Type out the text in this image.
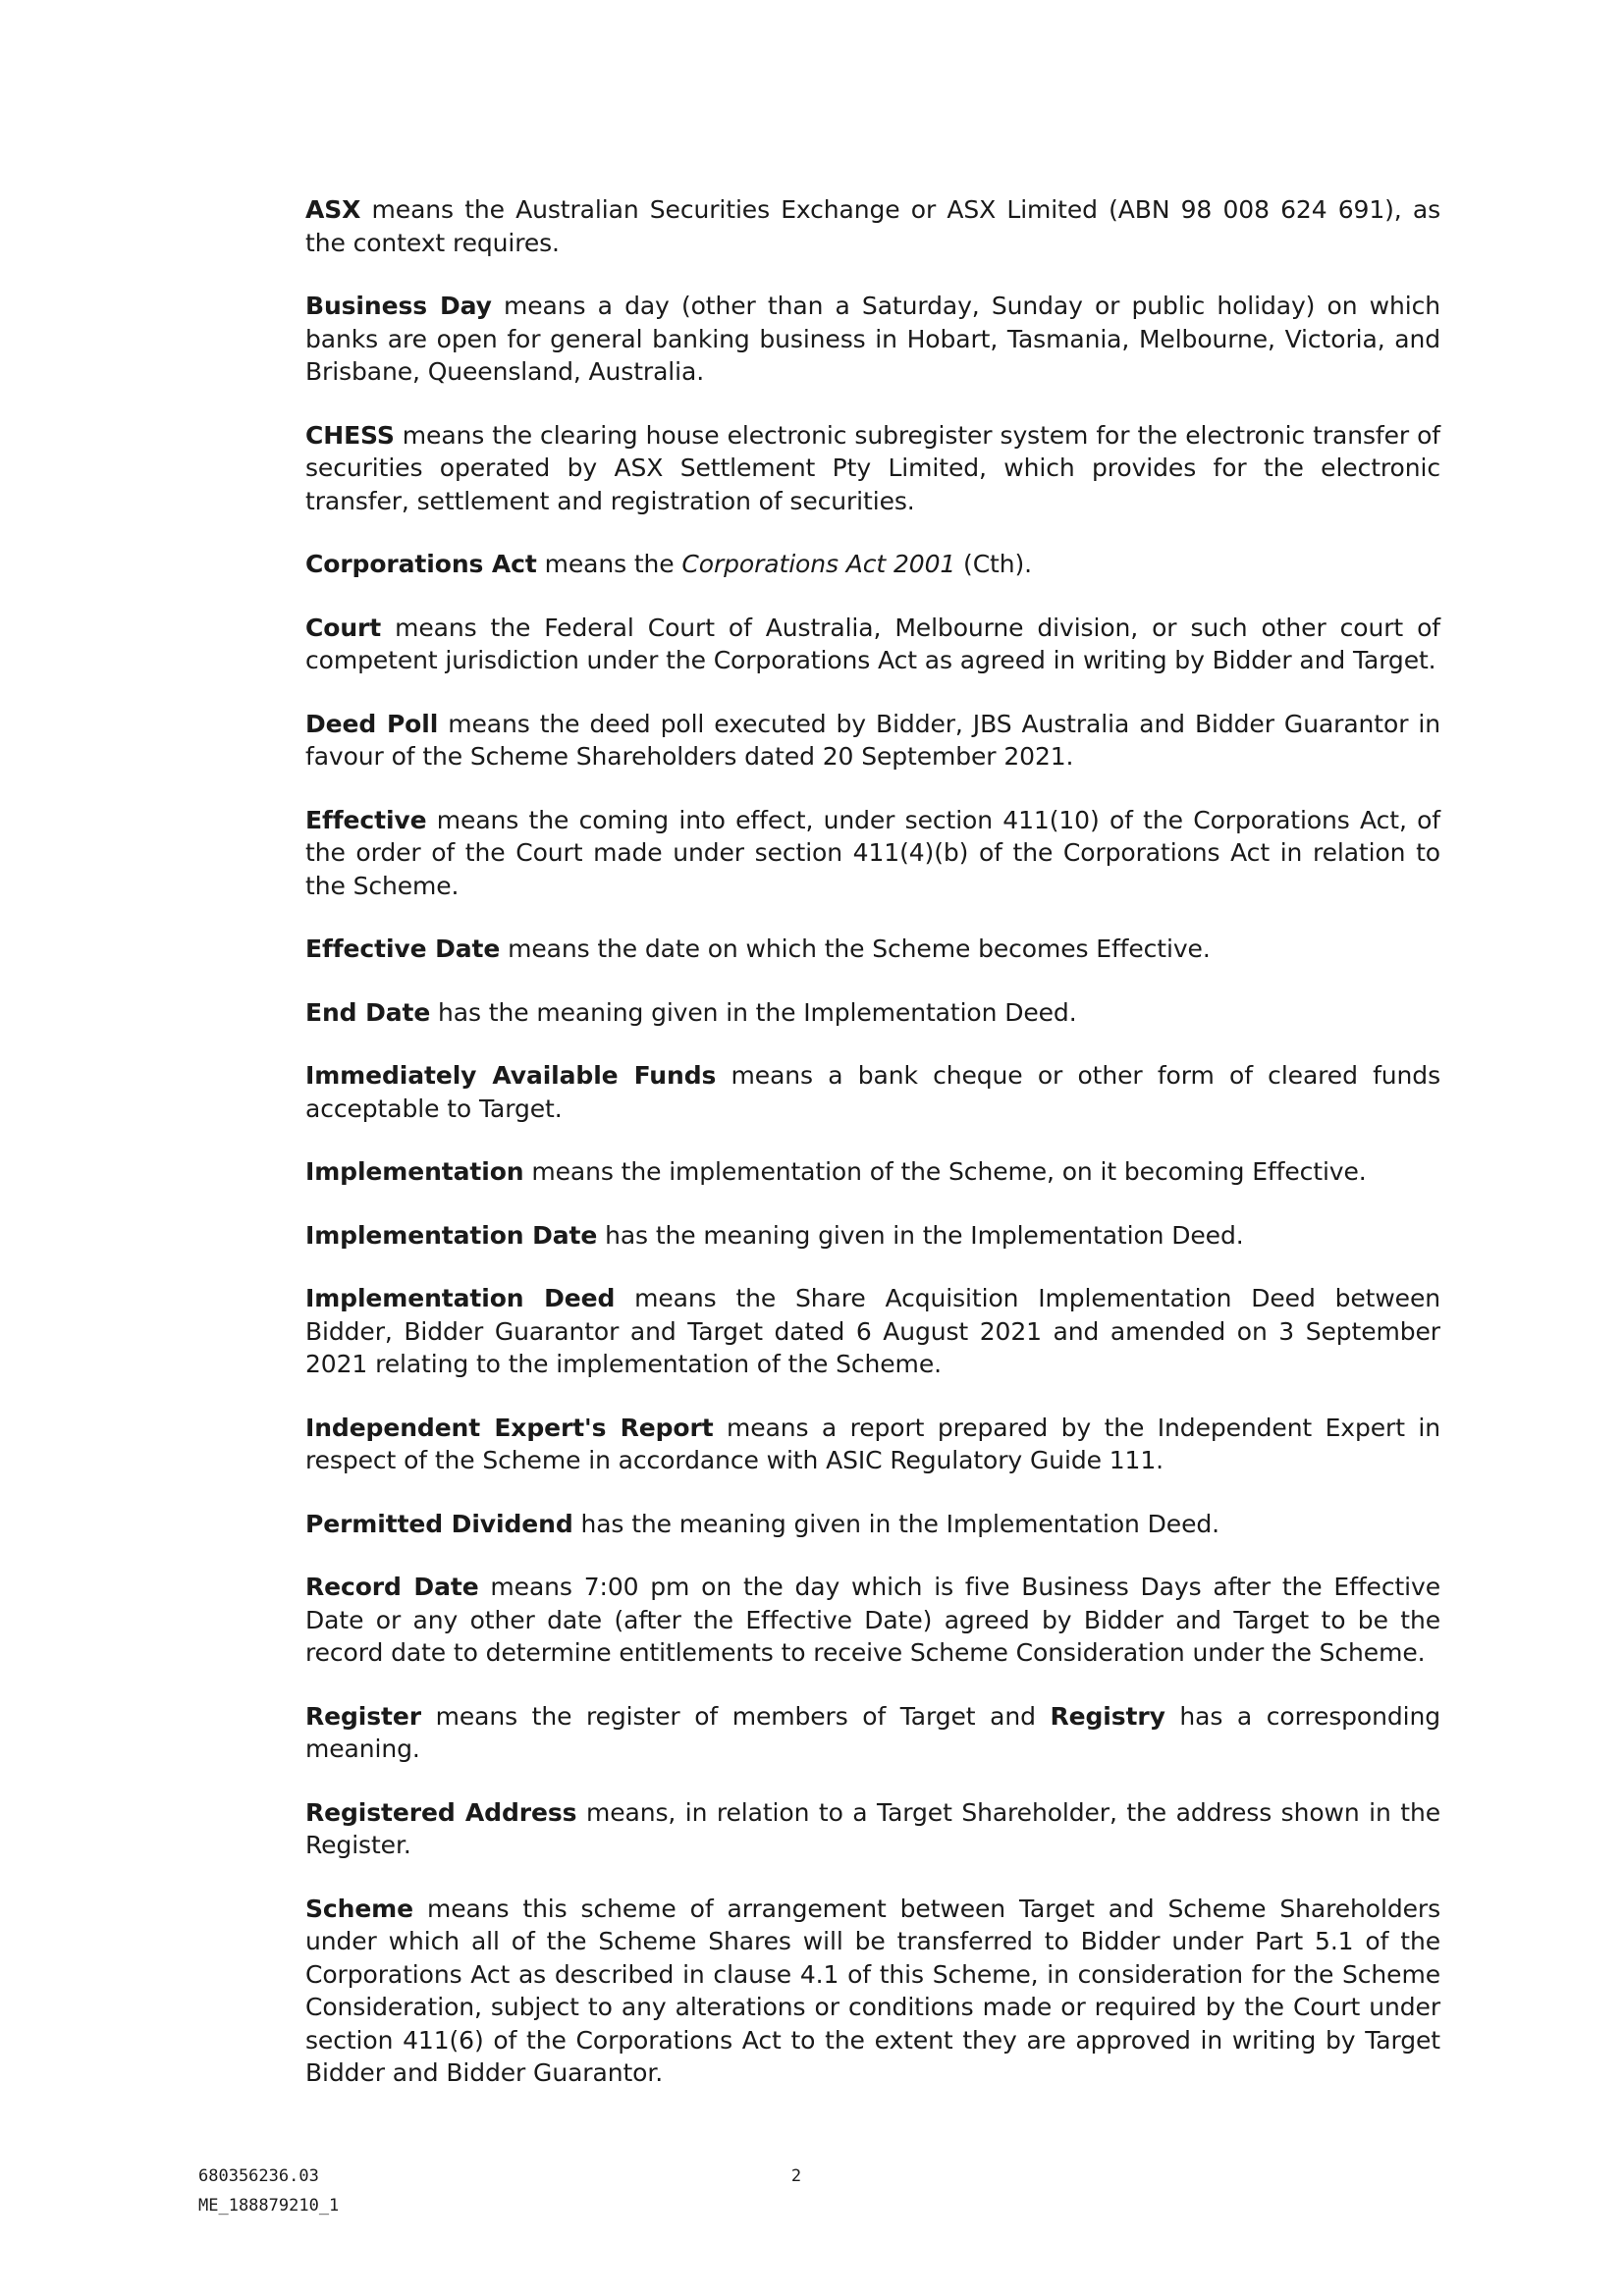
ASX means the Australian Securities Exchange or ASX Limited (ABN 98 008 624 691), as the context requires.

Business Day means a day (other than a Saturday, Sunday or public holiday) on which banks are open for general banking business in Hobart, Tasmania, Melbourne, Victoria, and Brisbane, Queensland, Australia.

CHESS means the clearing house electronic subregister system for the electronic transfer of securities operated by ASX Settlement Pty Limited, which provides for the electronic transfer, settlement and registration of securities.

Corporations Act means the Corporations Act 2001 (Cth).

Court means the Federal Court of Australia, Melbourne division, or such other court of competent jurisdiction under the Corporations Act as agreed in writing by Bidder and Target.

Deed Poll means the deed poll executed by Bidder, JBS Australia and Bidder Guarantor in favour of the Scheme Shareholders dated 20 September 2021.

Effective means the coming into effect, under section 411(10) of the Corporations Act, of the order of the Court made under section 411(4)(b) of the Corporations Act in relation to the Scheme.

Effective Date means the date on which the Scheme becomes Effective.

End Date has the meaning given in the Implementation Deed.

Immediately Available Funds means a bank cheque or other form of cleared funds acceptable to Target.

Implementation means the implementation of the Scheme, on it becoming Effective.

Implementation Date has the meaning given in the Implementation Deed.

Implementation Deed means the Share Acquisition Implementation Deed between Bidder, Bidder Guarantor and Target dated 6 August 2021 and amended on 3 September 2021 relating to the implementation of the Scheme.

Independent Expert's Report means a report prepared by the Independent Expert in respect of the Scheme in accordance with ASIC Regulatory Guide 111.

Permitted Dividend has the meaning given in the Implementation Deed.

Record Date means 7:00 pm on the day which is five Business Days after the Effective Date or any other date (after the Effective Date) agreed by Bidder and Target to be the record date to determine entitlements to receive Scheme Consideration under the Scheme.

Register means the register of members of Target and Registry has a corresponding meaning.

Registered Address means, in relation to a Target Shareholder, the address shown in the Register.

Scheme means this scheme of arrangement between Target and Scheme Shareholders under which all of the Scheme Shares will be transferred to Bidder under Part 5.1 of the Corporations Act as described in clause 4.1 of this Scheme, in consideration for the Scheme Consideration, subject to any alterations or conditions made or required by the Court under section 411(6) of the Corporations Act to the extent they are approved in writing by Target Bidder and Bidder Guarantor.

680356236.03
ME_188879210_1
2
